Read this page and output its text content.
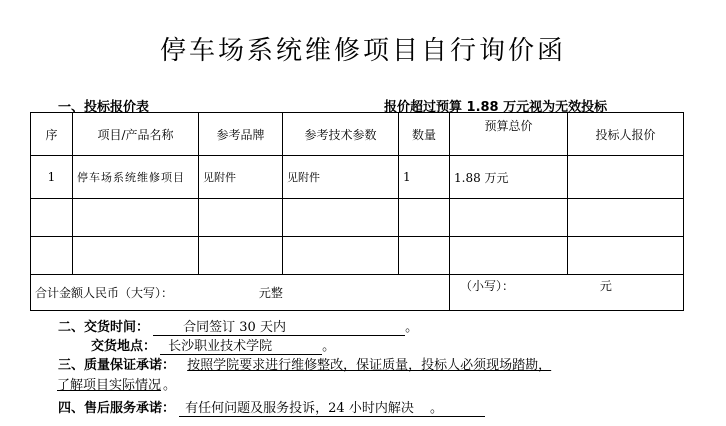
停车场系统维修项目自行询价函
一、投标报价表	报价超过预算 1.88 万元视为无效投标
序	项目/产品名称	参考品牌	参考技术参数	数量	预算总价	投标人报价
1	停车场系统维修项目	见附件	见附件	1	1.88 万元	

合计金额人民币（大写）： 元整					（小写）： 元	
二、交货时间：	合同签订 30 天内	。
交货地点： 长沙职业技术学院	。
三、质量保证承诺： 按照学院要求进行维修整改，保证质量，投标人必须现场踏勘，
了解项目实际情况 。
四、售后服务承诺： 有任何问题及服务投诉，24 小时内解决 。
